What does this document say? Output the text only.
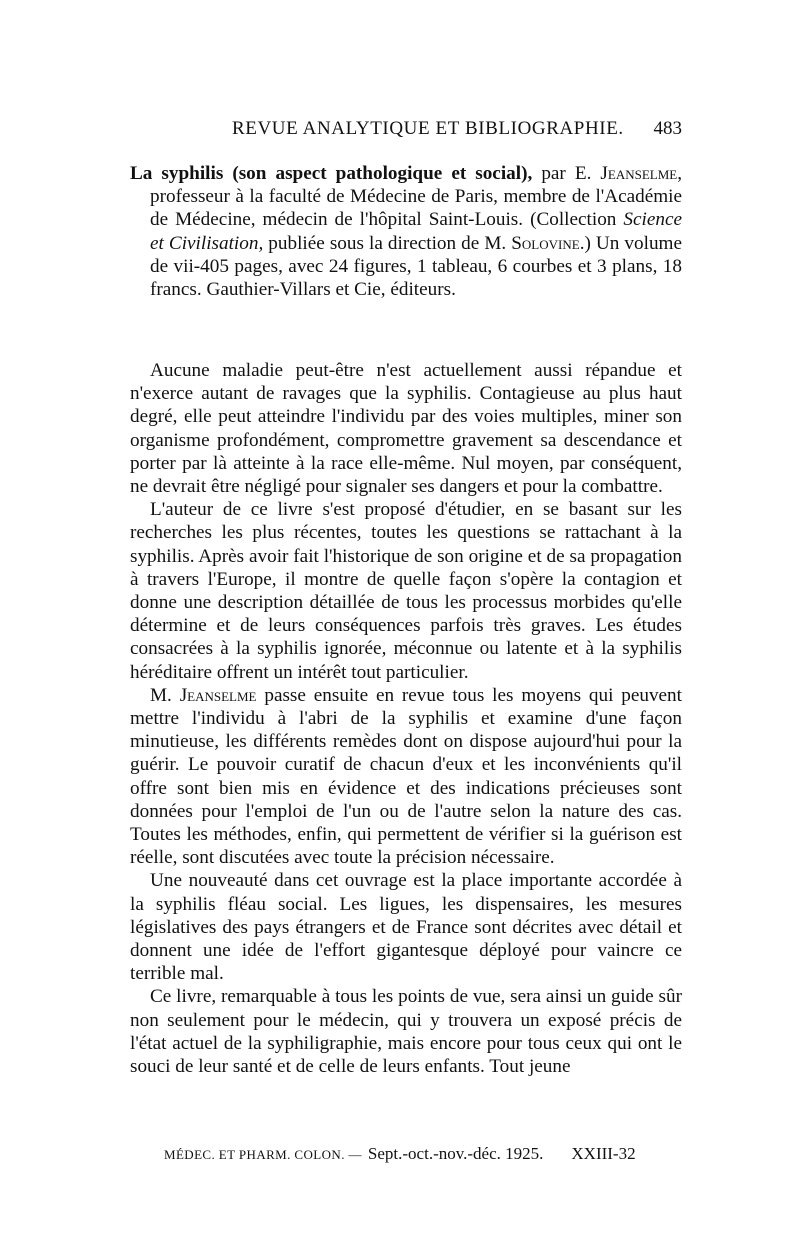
REVUE ANALYTIQUE ET BIBLIOGRAPHIE. 483

La syphilis (son aspect pathologique et social), par E. Jeanselme, professeur à la faculté de Médecine de Paris, membre de l'Académie de Médecine, médecin de l'hôpital Saint-Louis. (Collection Science et Civilisation, publiée sous la direction de M. Solovine.) Un volume de vii-405 pages, avec 24 figures, 1 tableau, 6 courbes et 3 plans, 18 francs. Gauthier-Villars et Cie, éditeurs.

Aucune maladie peut-être n'est actuellement aussi répandue et n'exerce autant de ravages que la syphilis. Contagieuse au plus haut degré, elle peut atteindre l'individu par des voies multiples, miner son organisme profondément, compromettre gravement sa descendance et porter par là atteinte à la race elle-même. Nul moyen, par conséquent, ne devrait être négligé pour signaler ses dangers et pour la combattre.

L'auteur de ce livre s'est proposé d'étudier, en se basant sur les recherches les plus récentes, toutes les questions se rattachant à la syphilis. Après avoir fait l'historique de son origine et de sa propagation à travers l'Europe, il montre de quelle façon s'opère la contagion et donne une description détaillée de tous les processus morbides qu'elle détermine et de leurs conséquences parfois très graves. Les études consacrées à la syphilis ignorée, méconnue ou latente et à la syphilis héréditaire offrent un intérêt tout particulier.

M. Jeanselme passe ensuite en revue tous les moyens qui peuvent mettre l'individu à l'abri de la syphilis et examine d'une façon minutieuse, les différents remèdes dont on dispose aujourd'hui pour la guérir. Le pouvoir curatif de chacun d'eux et les inconvénients qu'il offre sont bien mis en évidence et des indications précieuses sont données pour l'emploi de l'un ou de l'autre selon la nature des cas. Toutes les méthodes, enfin, qui permettent de vérifier si la guérison est réelle, sont discutées avec toute la précision nécessaire.

Une nouveauté dans cet ouvrage est la place importante accordée à la syphilis fléau social. Les ligues, les dispensaires, les mesures législatives des pays étrangers et de France sont décrites avec détail et donnent une idée de l'effort gigantesque déployé pour vaincre ce terrible mal.

Ce livre, remarquable à tous les points de vue, sera ainsi un guide sûr non seulement pour le médecin, qui y trouvera un exposé précis de l'état actuel de la syphiligraphie, mais encore pour tous ceux qui ont le souci de leur santé et de celle de leurs enfants. Tout jeune

MÉDEC. ET PHARM. COLON. — Sept.-oct.-nov.-déc. 1925. XXIII-32
